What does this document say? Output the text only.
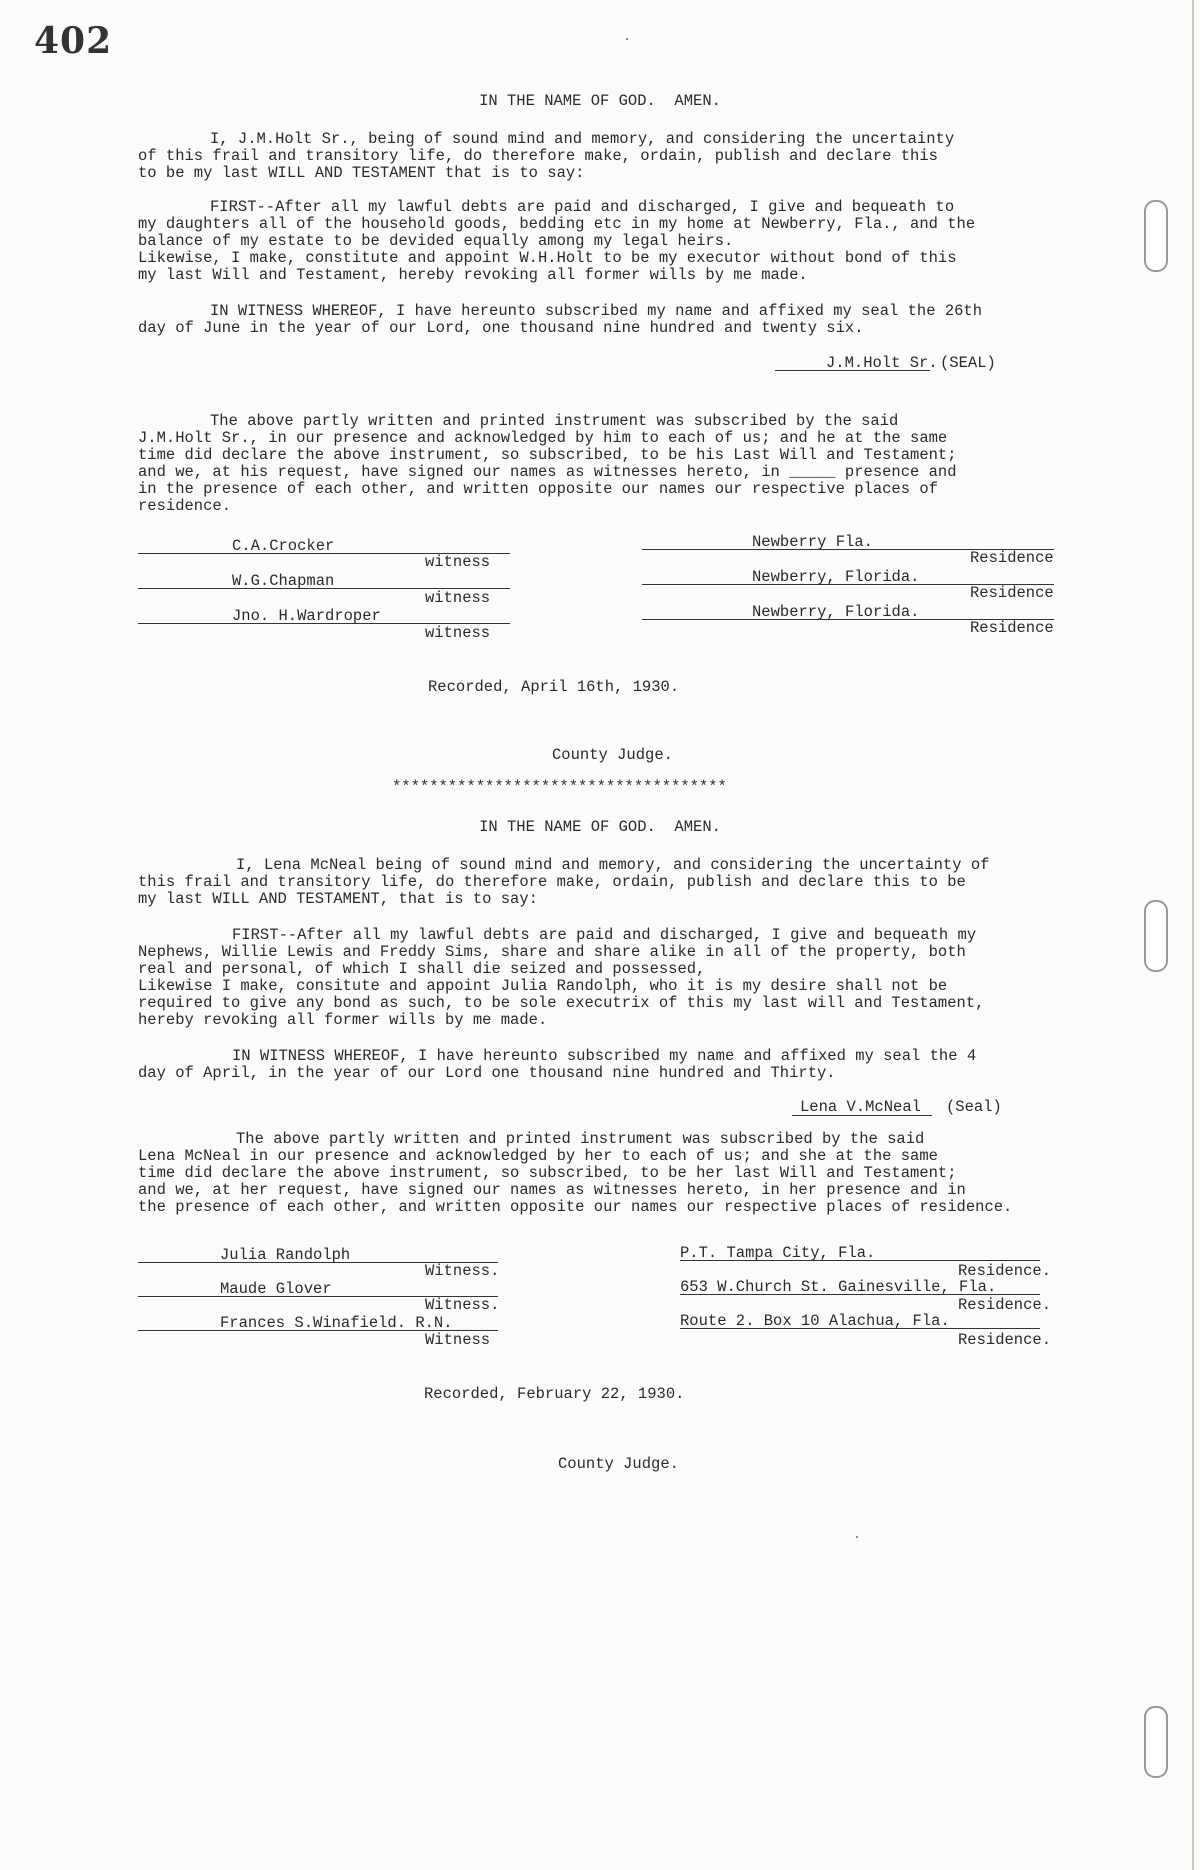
402
IN THE NAME OF GOD.  AMEN.
I, J.M.Holt Sr., being of sound mind and memory, and considering the uncertainty
of this frail and transitory life, do therefore make, ordain, publish and declare this
to be my last WILL AND TESTAMENT that is to say:
FIRST--After all my lawful debts are paid and discharged, I give and bequeath to
my daughters all of the household goods, bedding etc in my home at Newberry, Fla., and the
balance of my estate to be devided equally among my legal heirs.
Likewise, I make, constitute and appoint W.H.Holt to be my executor without bond of this
my last Will and Testament, hereby revoking all former wills by me made.
IN WITNESS WHEREOF, I have hereunto subscribed my name and affixed my seal the 26th
day of June in the year of our Lord, one thousand nine hundred and twenty six.
J.M.Holt Sr. (SEAL)
The above partly written and printed instrument was subscribed by the said
J.M.Holt Sr., in our presence and acknowledged by him to each of us; and he at the same
time did declare the above instrument, so subscribed, to be his Last Will and Testament;
and we, at his request, have signed our names as witnesses hereto, in _____ presence and
in the presence of each other, and written opposite our names our respective places of
residence.
C.A.Crocker
witness
Newberry Fla.
Residence
W.G.Chapman
witness
Newberry, Florida.
Residence
Jno. H.Wardroper
witness
Newberry, Florida.
Residence
Recorded, April 16th, 1930.
County Judge.
************************************
IN THE NAME OF GOD.  AMEN.
I, Lena McNeal being of sound mind and memory, and considering the uncertainty of
this frail and transitory life, do therefore make, ordain, publish and declare this to be
my last WILL AND TESTAMENT, that is to say:
FIRST--After all my lawful debts are paid and discharged, I give and bequeath my
Nephews, Willie Lewis and Freddy Sims, share and share alike in all of the property, both
real and personal, of which I shall die seized and possessed,
Likewise I make, consitute and appoint Julia Randolph, who it is my desire shall not be
required to give any bond as such, to be sole executrix of this my last will and Testament,
hereby revoking all former wills by me made.
IN WITNESS WHEREOF, I have hereunto subscribed my name and affixed my seal the 4
day of April, in the year of our Lord one thousand nine hundred and Thirty.
Lena V.McNeal (Seal)
The above partly written and printed instrument was subscribed by the said
Lena McNeal in our presence and acknowledged by her to each of us; and she at the same
time did declare the above instrument, so subscribed, to be her last Will and Testament;
and we, at her request, have signed our names as witnesses hereto, in her presence and in
the presence of each other, and written opposite our names our respective places of residence.
Julia Randolph
Witness.
P.T. Tampa City, Fla.
Residence.
Maude Glover
Witness.
653 W.Church St. Gainesville, Fla.
Residence.
Frances S.Winafield. R.N.
Witness
Route 2. Box 10 Alachua, Fla.
Residence.
Recorded, February 22, 1930.
County Judge.
